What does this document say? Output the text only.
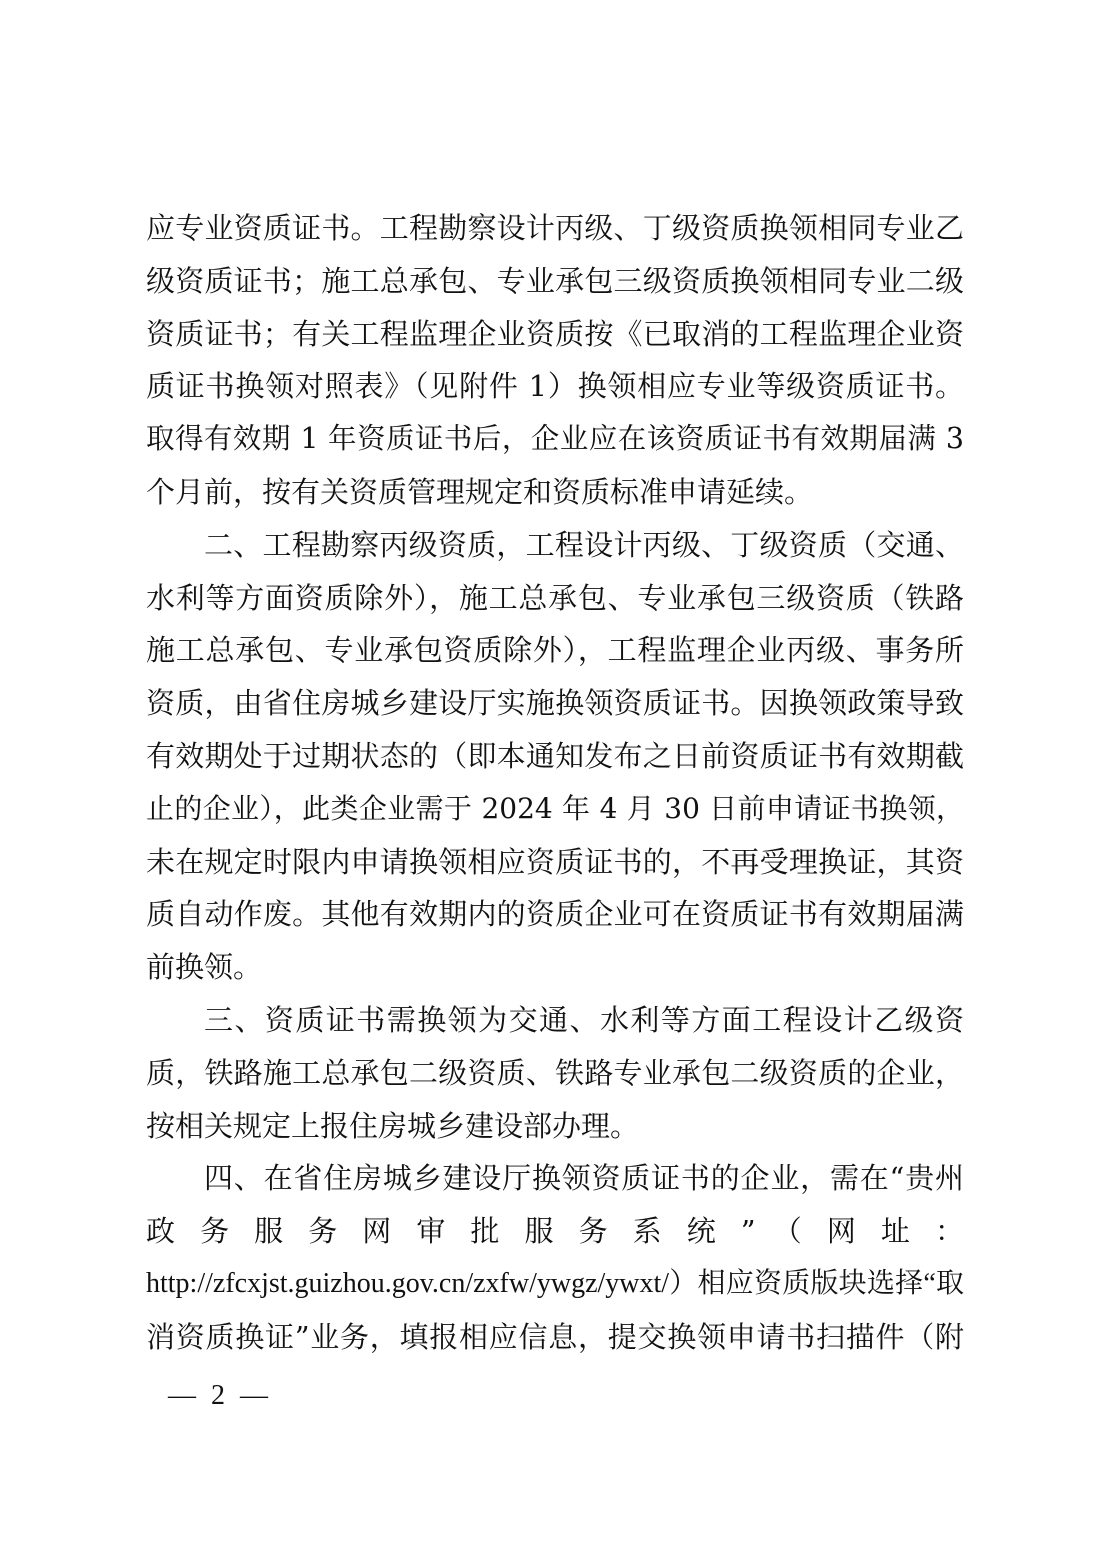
应专业资质证书。工程勘察设计丙级、丁级资质换领相同专业乙
级资质证书；施工总承包、专业承包三级资质换领相同专业二级
资质证书；有关工程监理企业资质按《已取消的工程监理企业资
质证书换领对照表》（见附件 1）换领相应专业等级资质证书。
取得有效期 1 年资质证书后，企业应在该资质证书有效期届满 3
个月前，按有关资质管理规定和资质标准申请延续。
二、工程勘察丙级资质，工程设计丙级、丁级资质（交通、
水利等方面资质除外），施工总承包、专业承包三级资质（铁路
施工总承包、专业承包资质除外），工程监理企业丙级、事务所
资质，由省住房城乡建设厅实施换领资质证书。因换领政策导致
有效期处于过期状态的（即本通知发布之日前资质证书有效期截
止的企业），此类企业需于 2024 年 4 月 30 日前申请证书换领，
未在规定时限内申请换领相应资质证书的，不再受理换证，其资
质自动作废。其他有效期内的资质企业可在资质证书有效期届满
前换领。
三、资质证书需换领为交通、水利等方面工程设计乙级资
质，铁路施工总承包二级资质、铁路专业承包二级资质的企业，
按相关规定上报住房城乡建设部办理。
四、在省住房城乡建设厅换领资质证书的企业，需在“贵州
政 务 服 务 网 审 批 服 务 系 统 ” （ 网 址 ：
http://zfcxjst.guizhou.gov.cn/zxfw/ywgz/ywxt/）相应资质版块选择“取
消资质换证”业务，填报相应信息，提交换领申请书扫描件（附
— 2 —
